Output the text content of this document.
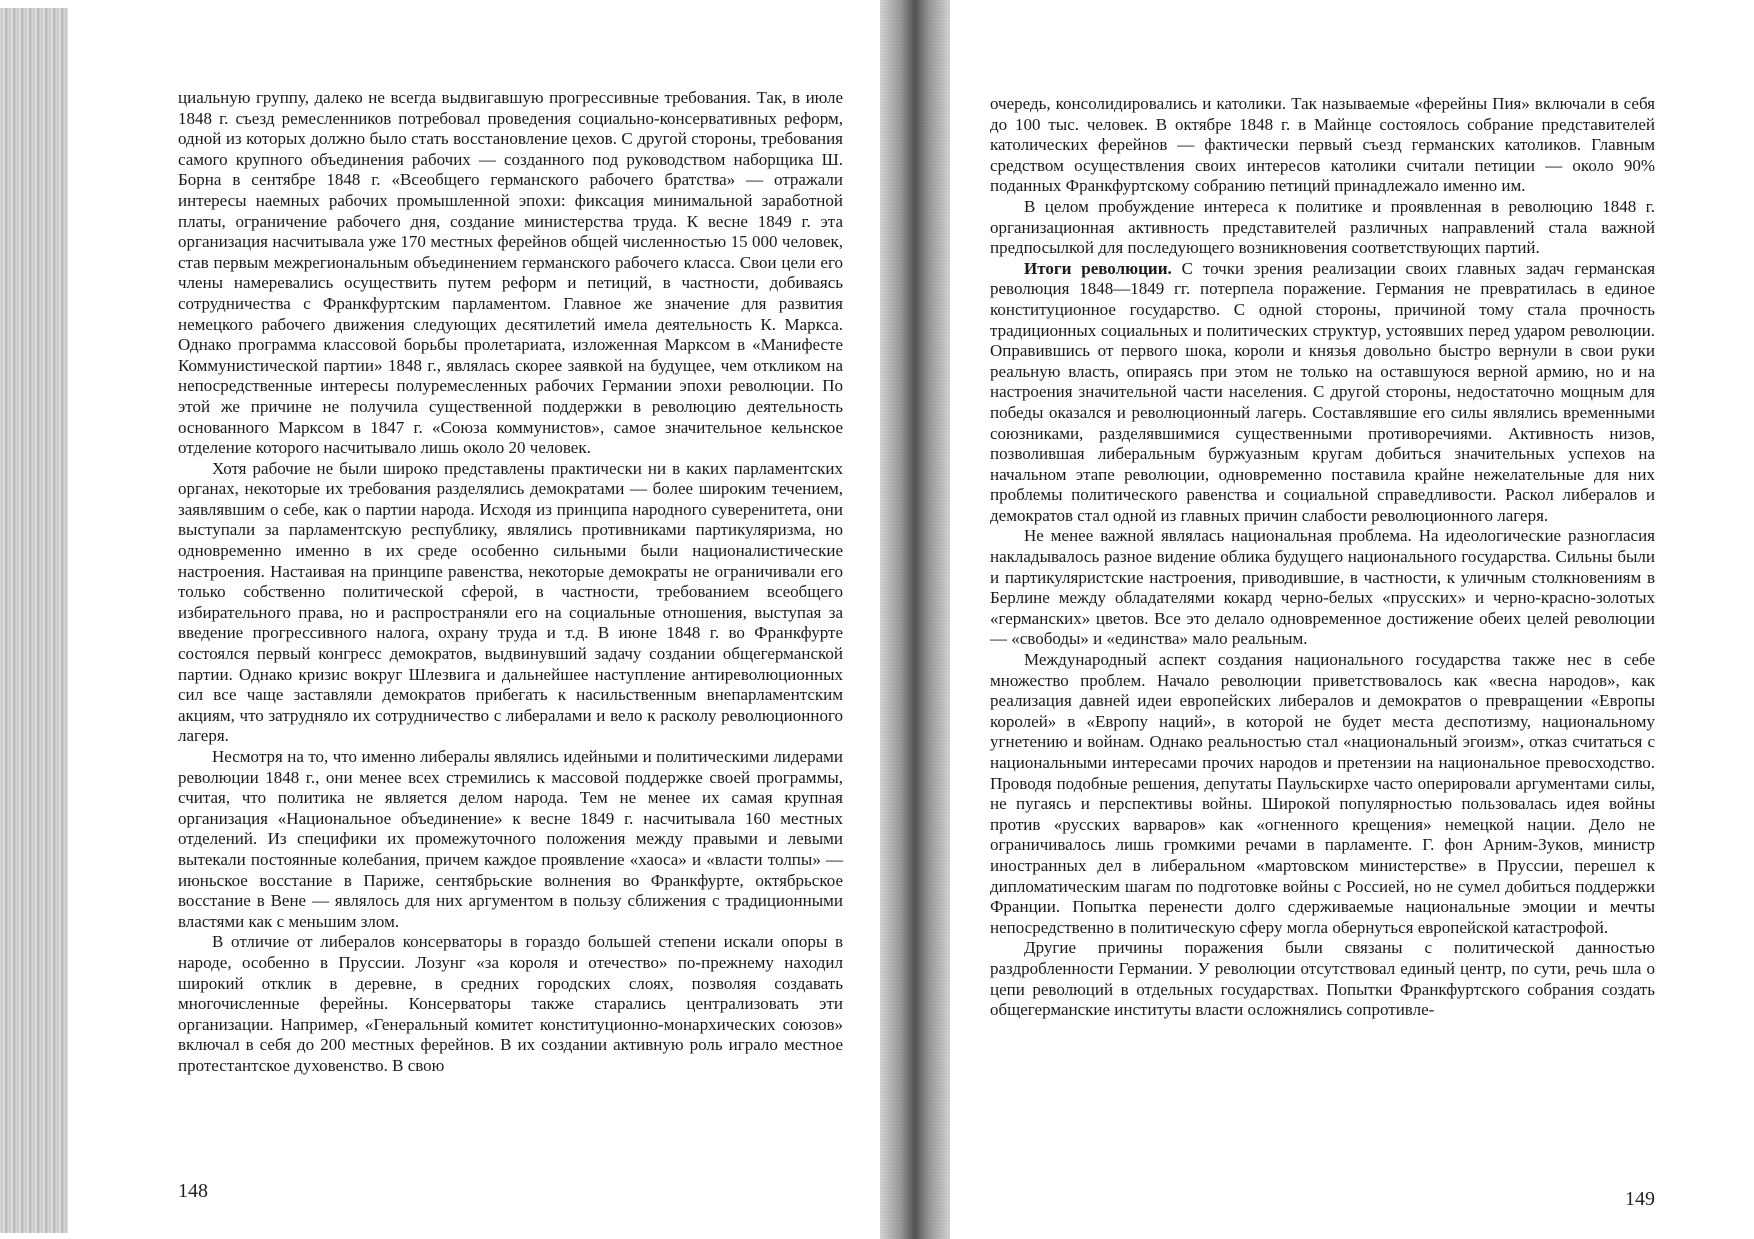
циальную группу, далеко не всегда выдвигавшую прогрессивные требования. Так, в июле 1848 г. съезд ремесленников потребовал проведения социально-консервативных реформ, одной из которых должно было стать восстановление цехов. С другой стороны, требования самого крупного объединения рабочих — созданного под руководством наборщика Ш. Борна в сентябре 1848 г. «Всеобщего германского рабочего братства» — отражали интересы наемных рабочих промышленной эпохи: фиксация минимальной заработной платы, ограничение рабочего дня, создание министерства труда. К весне 1849 г. эта организация насчитывала уже 170 местных ферейнов общей численностью 15 000 человек, став первым межрегиональным объединением германского рабочего класса. Свои цели его члены намеревались осуществить путем реформ и петиций, в частности, добиваясь сотрудничества с Франкфуртским парламентом. Главное же значение для развития немецкого рабочего движения следующих десятилетий имела деятельность К. Маркса. Однако программа классовой борьбы пролетариата, изложенная Марксом в «Манифесте Коммунистической партии» 1848 г., являлась скорее заявкой на будущее, чем откликом на непосредственные интересы полуремесленных рабочих Германии эпохи революции. По этой же причине не получила существенной поддержки в революцию деятельность основанного Марксом в 1847 г. «Союза коммунистов», самое значительное кельнское отделение которого насчитывало лишь около 20 человек.

Хотя рабочие не были широко представлены практически ни в каких парламентских органах, некоторые их требования разделялись демократами — более широким течением, заявлявшим о себе, как о партии народа. Исходя из принципа народного суверенитета, они выступали за парламентскую республику, являлись противниками партикуляризма, но одновременно именно в их среде особенно сильными были националистические настроения. Настаивая на принципе равенства, некоторые демократы не ограничивали его только собственно политической сферой, в частности, требованием всеобщего избирательного права, но и распространяли его на социальные отношения, выступая за введение прогрессивного налога, охрану труда и т.д. В июне 1848 г. во Франкфурте состоялся первый конгресс демократов, выдвинувший задачу создании общегерманской партии. Однако кризис вокруг Шлезвига и дальнейшее наступление антиреволюционных сил все чаще заставляли демократов прибегать к насильственным внепарламентским акциям, что затрудняло их сотрудничество с либералами и вело к расколу революционного лагеря.

Несмотря на то, что именно либералы являлись идейными и политическими лидерами революции 1848 г., они менее всех стремились к массовой поддержке своей программы, считая, что политика не является делом народа. Тем не менее их самая крупная организация «Национальное объединение» к весне 1849 г. насчитывала 160 местных отделений. Из специфики их промежуточного положения между правыми и левыми вытекали постоянные колебания, причем каждое проявление «хаоса» и «власти толпы» — июньское восстание в Париже, сентябрьские волнения во Франкфурте, октябрьское восстание в Вене — являлось для них аргументом в пользу сближения с традиционными властями как с меньшим злом.

В отличие от либералов консерваторы в гораздо большей степени искали опоры в народе, особенно в Пруссии. Лозунг «за короля и отечество» по-прежнему находил широкий отклик в деревне, в средних городских слоях, позволяя создавать многочисленные ферейны. Консерваторы также старались централизовать эти организации. Например, «Генеральный комитет конституционно-монархических союзов» включал в себя до 200 местных ферейнов. В их создании активную роль играло местное протестантское духовенство. В свою

148

очередь, консолидировались и католики. Так называемые «ферейны Пия» включали в себя до 100 тыс. человек. В октябре 1848 г. в Майнце состоялось собрание представителей католических ферейнов — фактически первый съезд германских католиков. Главным средством осуществления своих интересов католики считали петиции — около 90% поданных Франкфуртскому собранию петиций принадлежало именно им.

В целом пробуждение интереса к политике и проявленная в революцию 1848 г. организационная активность представителей различных направлений стала важной предпосылкой для последующего возникновения соответствующих партий.

Итоги революции. С точки зрения реализации своих главных задач германская революция 1848—1849 гг. потерпела поражение. Германия не превратилась в единое конституционное государство. С одной стороны, причиной тому стала прочность традиционных социальных и политических структур, устоявших перед ударом революции. Оправившись от первого шока, короли и князья довольно быстро вернули в свои руки реальную власть, опираясь при этом не только на оставшуюся верной армию, но и на настроения значительной части населения. С другой стороны, недостаточно мощным для победы оказался и революционный лагерь. Составлявшие его силы являлись временными союзниками, разделявшимися существенными противоречиями. Активность низов, позволившая либеральным буржуазным кругам добиться значительных успехов на начальном этапе революции, одновременно поставила крайне нежелательные для них проблемы политического равенства и социальной справедливости. Раскол либералов и демократов стал одной из главных причин слабости революционного лагеря.

Не менее важной являлась национальная проблема. На идеологические разногласия накладывалось разное видение облика будущего национального государства. Сильны были и партикуляристские настроения, приводившие, в частности, к уличным столкновениям в Берлине между обладателями кокард черно-белых «прусских» и черно-красно-золотых «германских» цветов. Все это делало одновременное достижение обеих целей революции — «свободы» и «единства» мало реальным.

Международный аспект создания национального государства также нес в себе множество проблем. Начало революции приветствовалось как «весна народов», как реализация давней идеи европейских либералов и демократов о превращении «Европы королей» в «Европу наций», в которой не будет места деспотизму, национальному угнетению и войнам. Однако реальностью стал «национальный эгоизм», отказ считаться с национальными интересами прочих народов и претензии на национальное превосходство. Проводя подобные решения, депутаты Паульскирхе часто оперировали аргументами силы, не пугаясь и перспективы войны. Широкой популярностью пользовалась идея войны против «русских варваров» как «огненного крещения» немецкой нации. Дело не ограничивалось лишь громкими речами в парламенте. Г. фон Арним-Зуков, министр иностранных дел в либеральном «мартовском министерстве» в Пруссии, перешел к дипломатическим шагам по подготовке войны с Россией, но не сумел добиться поддержки Франции. Попытка перенести долго сдерживаемые национальные эмоции и мечты непосредственно в политическую сферу могла обернуться европейской катастрофой.

Другие причины поражения были связаны с политической данностью раздробленности Германии. У революции отсутствовал единый центр, по сути, речь шла о цепи революций в отдельных государствах. Попытки Франкфуртского собрания создать общегерманские институты власти осложнялись сопротивле-

149
